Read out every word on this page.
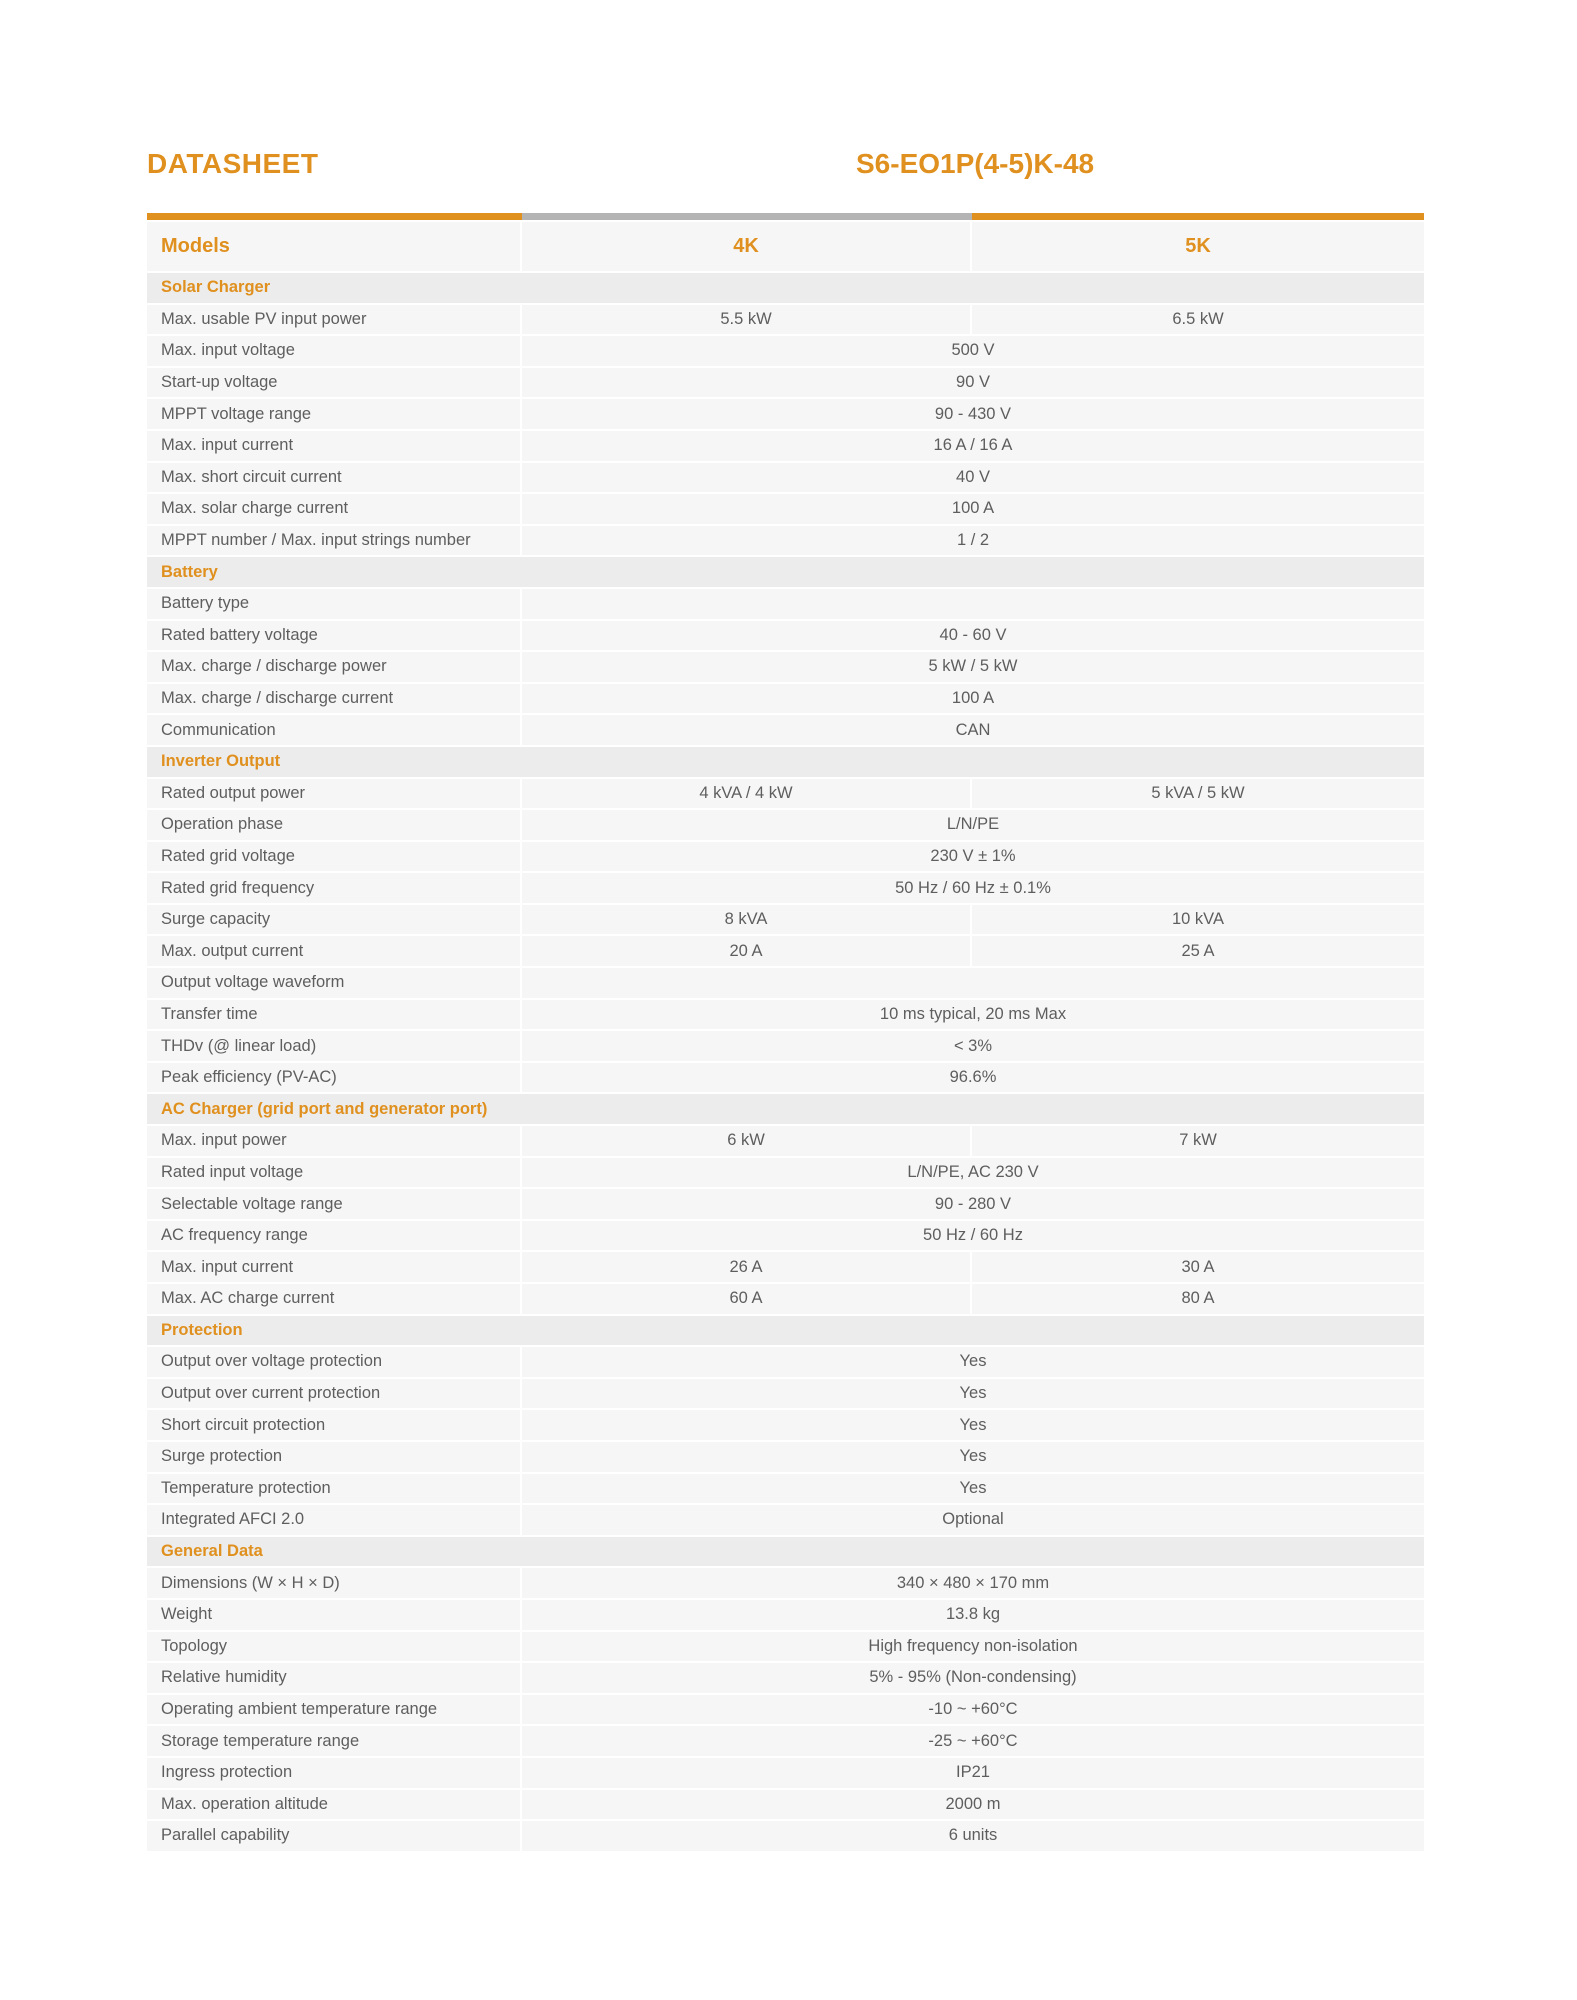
DATASHEET	S6-EO1P(4-5)K-48
Models	4K	5K
Solar Charger
Max. usable PV input power	5.5 kW	6.5 kW
Max. input voltage	500 V
Start-up voltage	90 V
MPPT voltage range	90 - 430 V
Max. input current	16 A / 16 A
Max. short circuit current	40 V
Max. solar charge current	100 A
MPPT number / Max. input strings number	1 / 2
Battery
Battery type
Rated battery voltage	40 - 60 V
Max. charge / discharge power	5 kW / 5 kW
Max. charge / discharge current	100 A
Communication	CAN
Inverter Output
Rated output power	4 kVA / 4 kW	5 kVA / 5 kW
Operation phase	L/N/PE
Rated grid voltage	230 V ± 1%
Rated grid frequency	50 Hz / 60 Hz ± 0.1%
Surge capacity	8 kVA	10 kVA
Max. output current	20 A	25 A
Output voltage waveform
Transfer time	10 ms typical, 20 ms Max
THDv (@ linear load)	< 3%
Peak efficiency (PV-AC)	96.6%
AC Charger (grid port and generator port)
Max. input power	6 kW	7 kW
Rated input voltage	L/N/PE, AC 230 V
Selectable voltage range	90 - 280 V
AC frequency range	50 Hz / 60 Hz
Max. input current	26 A	30 A
Max. AC charge current	60 A	80 A
Protection
Output over voltage protection	Yes
Output over current protection	Yes
Short circuit protection	Yes
Surge protection	Yes
Temperature protection	Yes
Integrated AFCI 2.0	Optional
General Data
Dimensions (W × H × D)	340 × 480 × 170 mm
Weight	13.8 kg
Topology	High frequency non-isolation
Relative humidity	5% - 95% (Non-condensing)
Operating ambient temperature range	-10 ~ +60°C
Storage temperature range	-25 ~ +60°C
Ingress protection	IP21
Max. operation altitude	2000 m
Parallel capability	6 units
